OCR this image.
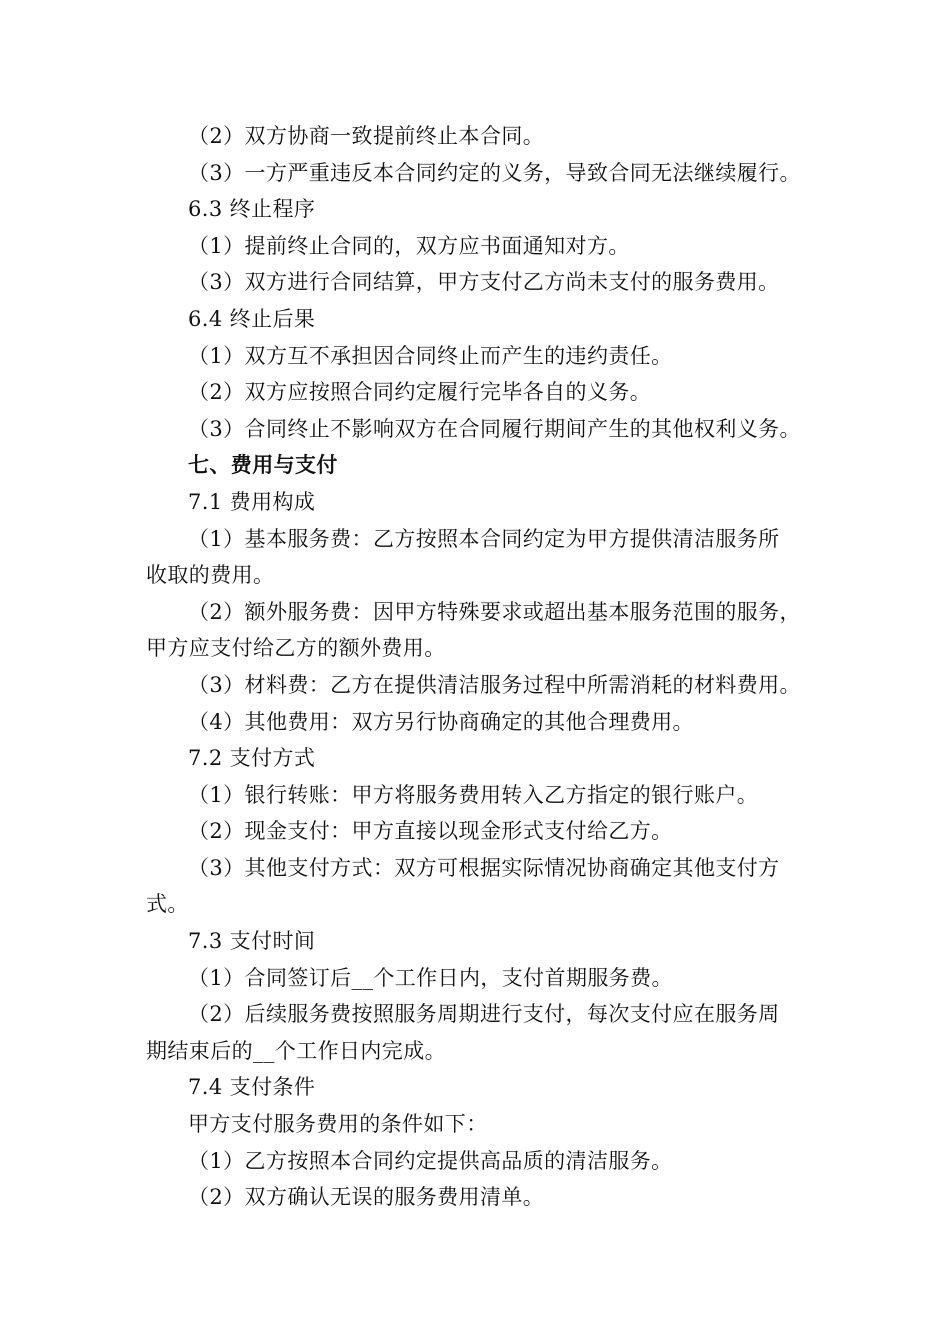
（2）双方协商一致提前终止本合同。
（3）一方严重违反本合同约定的义务，导致合同无法继续履行。
6.3 终止程序
（1）提前终止合同的，双方应书面通知对方。
（3）双方进行合同结算，甲方支付乙方尚未支付的服务费用。
6.4 终止后果
（1）双方互不承担因合同终止而产生的违约责任。
（2）双方应按照合同约定履行完毕各自的义务。
（3）合同终止不影响双方在合同履行期间产生的其他权利义务。
七、费用与支付
7.1 费用构成
（1）基本服务费：乙方按照本合同约定为甲方提供清洁服务所
收取的费用。
（2）额外服务费：因甲方特殊要求或超出基本服务范围的服务，
甲方应支付给乙方的额外费用。
（3）材料费：乙方在提供清洁服务过程中所需消耗的材料费用。
（4）其他费用：双方另行协商确定的其他合理费用。
7.2 支付方式
（1）银行转账：甲方将服务费用转入乙方指定的银行账户。
（2）现金支付：甲方直接以现金形式支付给乙方。
（3）其他支付方式：双方可根据实际情况协商确定其他支付方
式。
7.3 支付时间
（1）合同签订后__个工作日内，支付首期服务费。
（2）后续服务费按照服务周期进行支付，每次支付应在服务周
期结束后的__个工作日内完成。
7.4 支付条件
甲方支付服务费用的条件如下：
（1）乙方按照本合同约定提供高品质的清洁服务。
（2）双方确认无误的服务费用清单。
